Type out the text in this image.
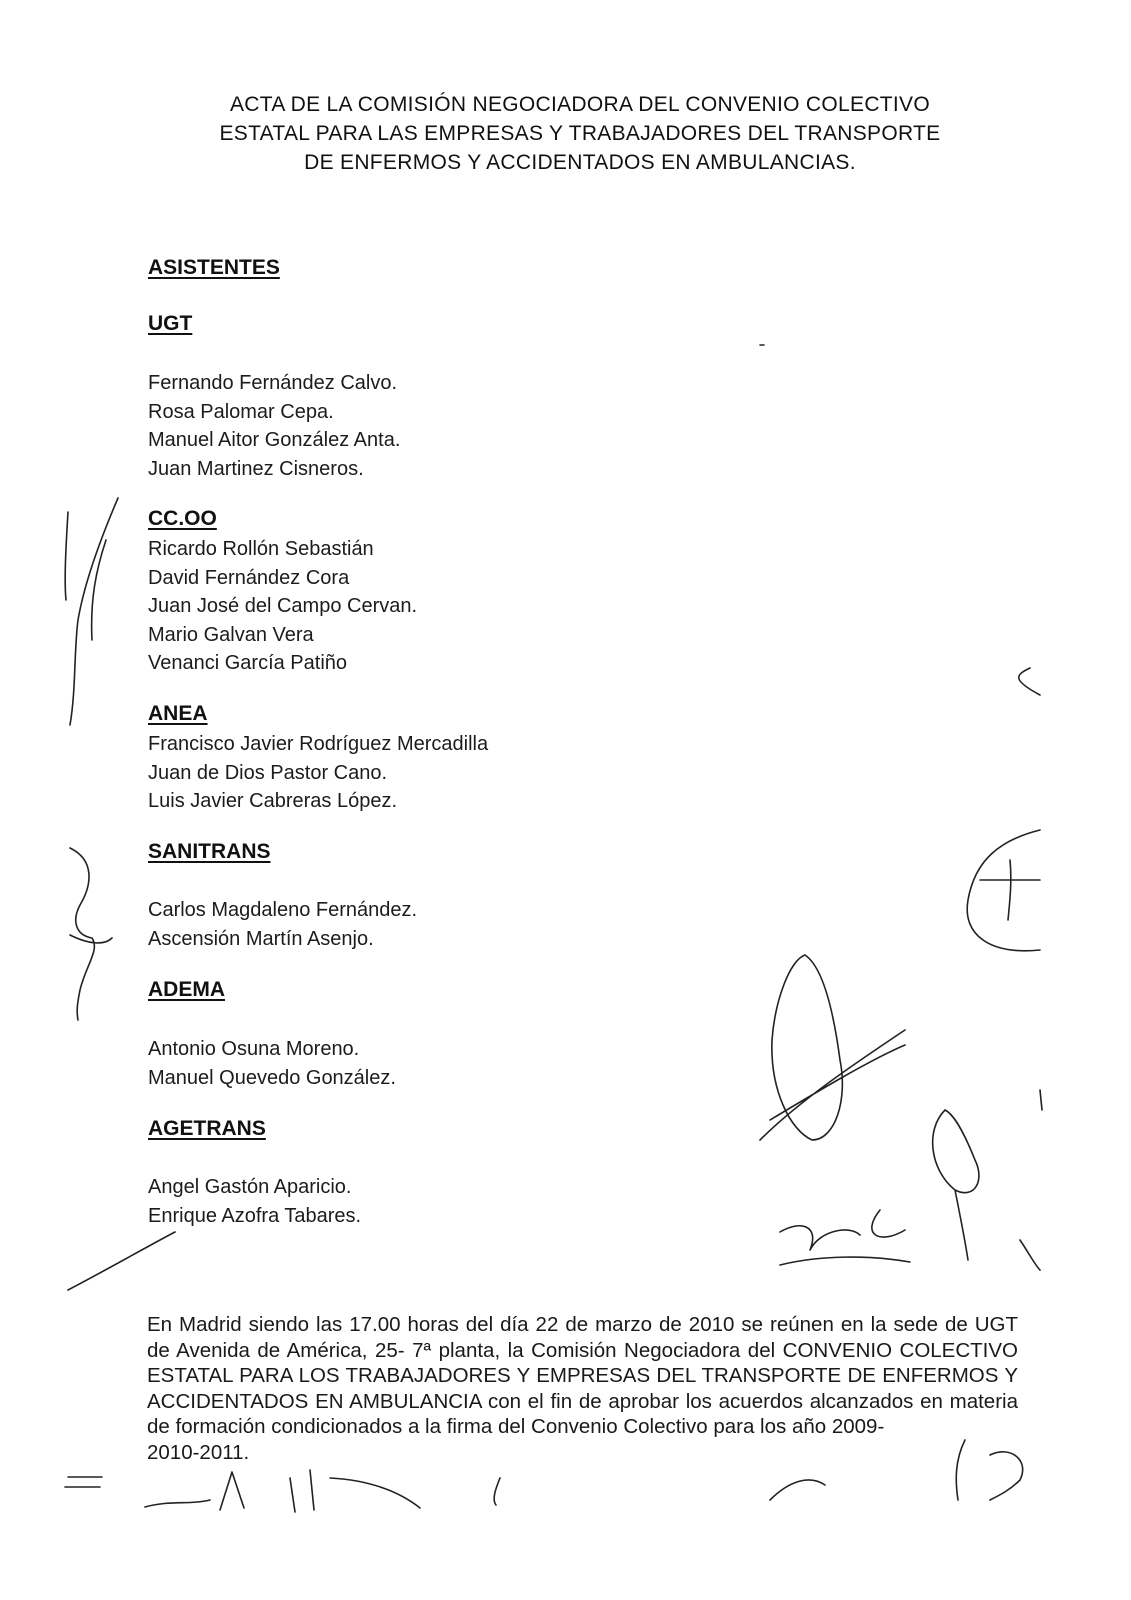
ACTA DE LA COMISIÓN NEGOCIADORA DEL CONVENIO COLECTIVO
ESTATAL PARA LAS EMPRESAS Y TRABAJADORES DEL TRANSPORTE
DE ENFERMOS Y ACCIDENTADOS EN AMBULANCIAS.
ASISTENTES
UGT
Fernando Fernández Calvo.
Rosa Palomar Cepa.
Manuel Aitor González Anta.
Juan Martinez Cisneros.
CC.OO
Ricardo Rollón Sebastián
David Fernández Cora
Juan José del Campo Cervan.
Mario Galvan Vera
Venanci García Patiño
ANEA
Francisco Javier Rodríguez Mercadilla
Juan de Dios Pastor Cano.
Luis Javier Cabreras López.
SANITRANS
Carlos Magdaleno Fernández.
Ascensión Martín Asenjo.
ADEMA
Antonio Osuna Moreno.
Manuel Quevedo González.
AGETRANS
Angel Gastón Aparicio.
Enrique Azofra Tabares.
En Madrid siendo las 17.00 horas del día 22 de marzo de 2010 se reúnen en la sede de UGT de Avenida de América, 25- 7ª planta, la Comisión Negociadora del CONVENIO COLECTIVO ESTATAL PARA LOS TRABAJADORES Y EMPRESAS DEL TRANSPORTE DE ENFERMOS Y ACCIDENTADOS EN AMBULANCIA con el fin de aprobar los acuerdos alcanzados en materia de formación condicionados a la firma del Convenio Colectivo para los año 2009-
2010-2011.
